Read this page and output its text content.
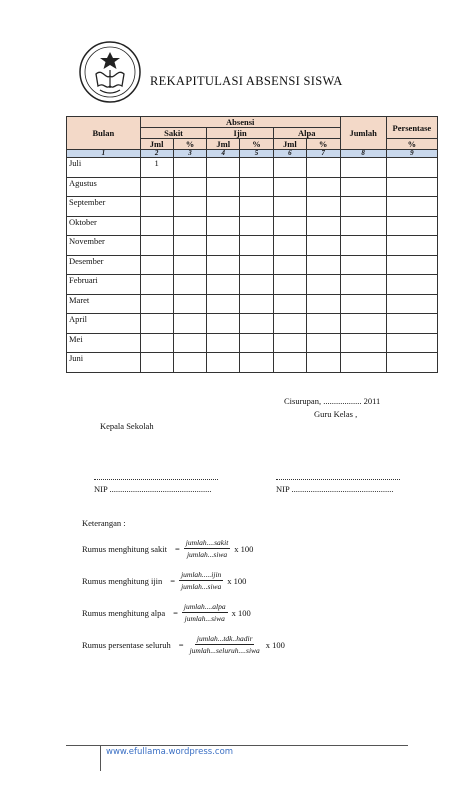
REKAPITULASI ABSENSI SISWA
Bulan	Absensi						Jumlah	Persentase
	Sakit		Ijin		Alpa			
	Jml	%	Jml	%	Jml	%		%
1	2	3	4	5	6	7	8	9
Juli	1							
Agustus								
September								
Oktober								
November								
Desember								
Februari								
Maret								
April								
Mei								
Juni								
Cisurupan, .................. 2011
Guru Kelas ,
Kepala Sekolah
NIP ................................................	NIP ................................................
Keterangan :
Rumus menghitung sakit = $\frac{\text{jumlah....sakit}}{\text{jumlah...siwa}}$ x 100
Rumus menghitung ijin = $\frac{\text{jumlah.....ijin}}{\text{jumlah...siwa}}$ x 100
Rumus menghitung alpa = $\frac{\text{jumlah....alpa}}{\text{jumlah...siwa}}$ x 100
Rumus persentase seluruh = $\frac{\text{jumlah...tdk..hadir}}{\text{jumlah...seluruh....siwa}}$ x 100
www.efullama.wordpress.com
